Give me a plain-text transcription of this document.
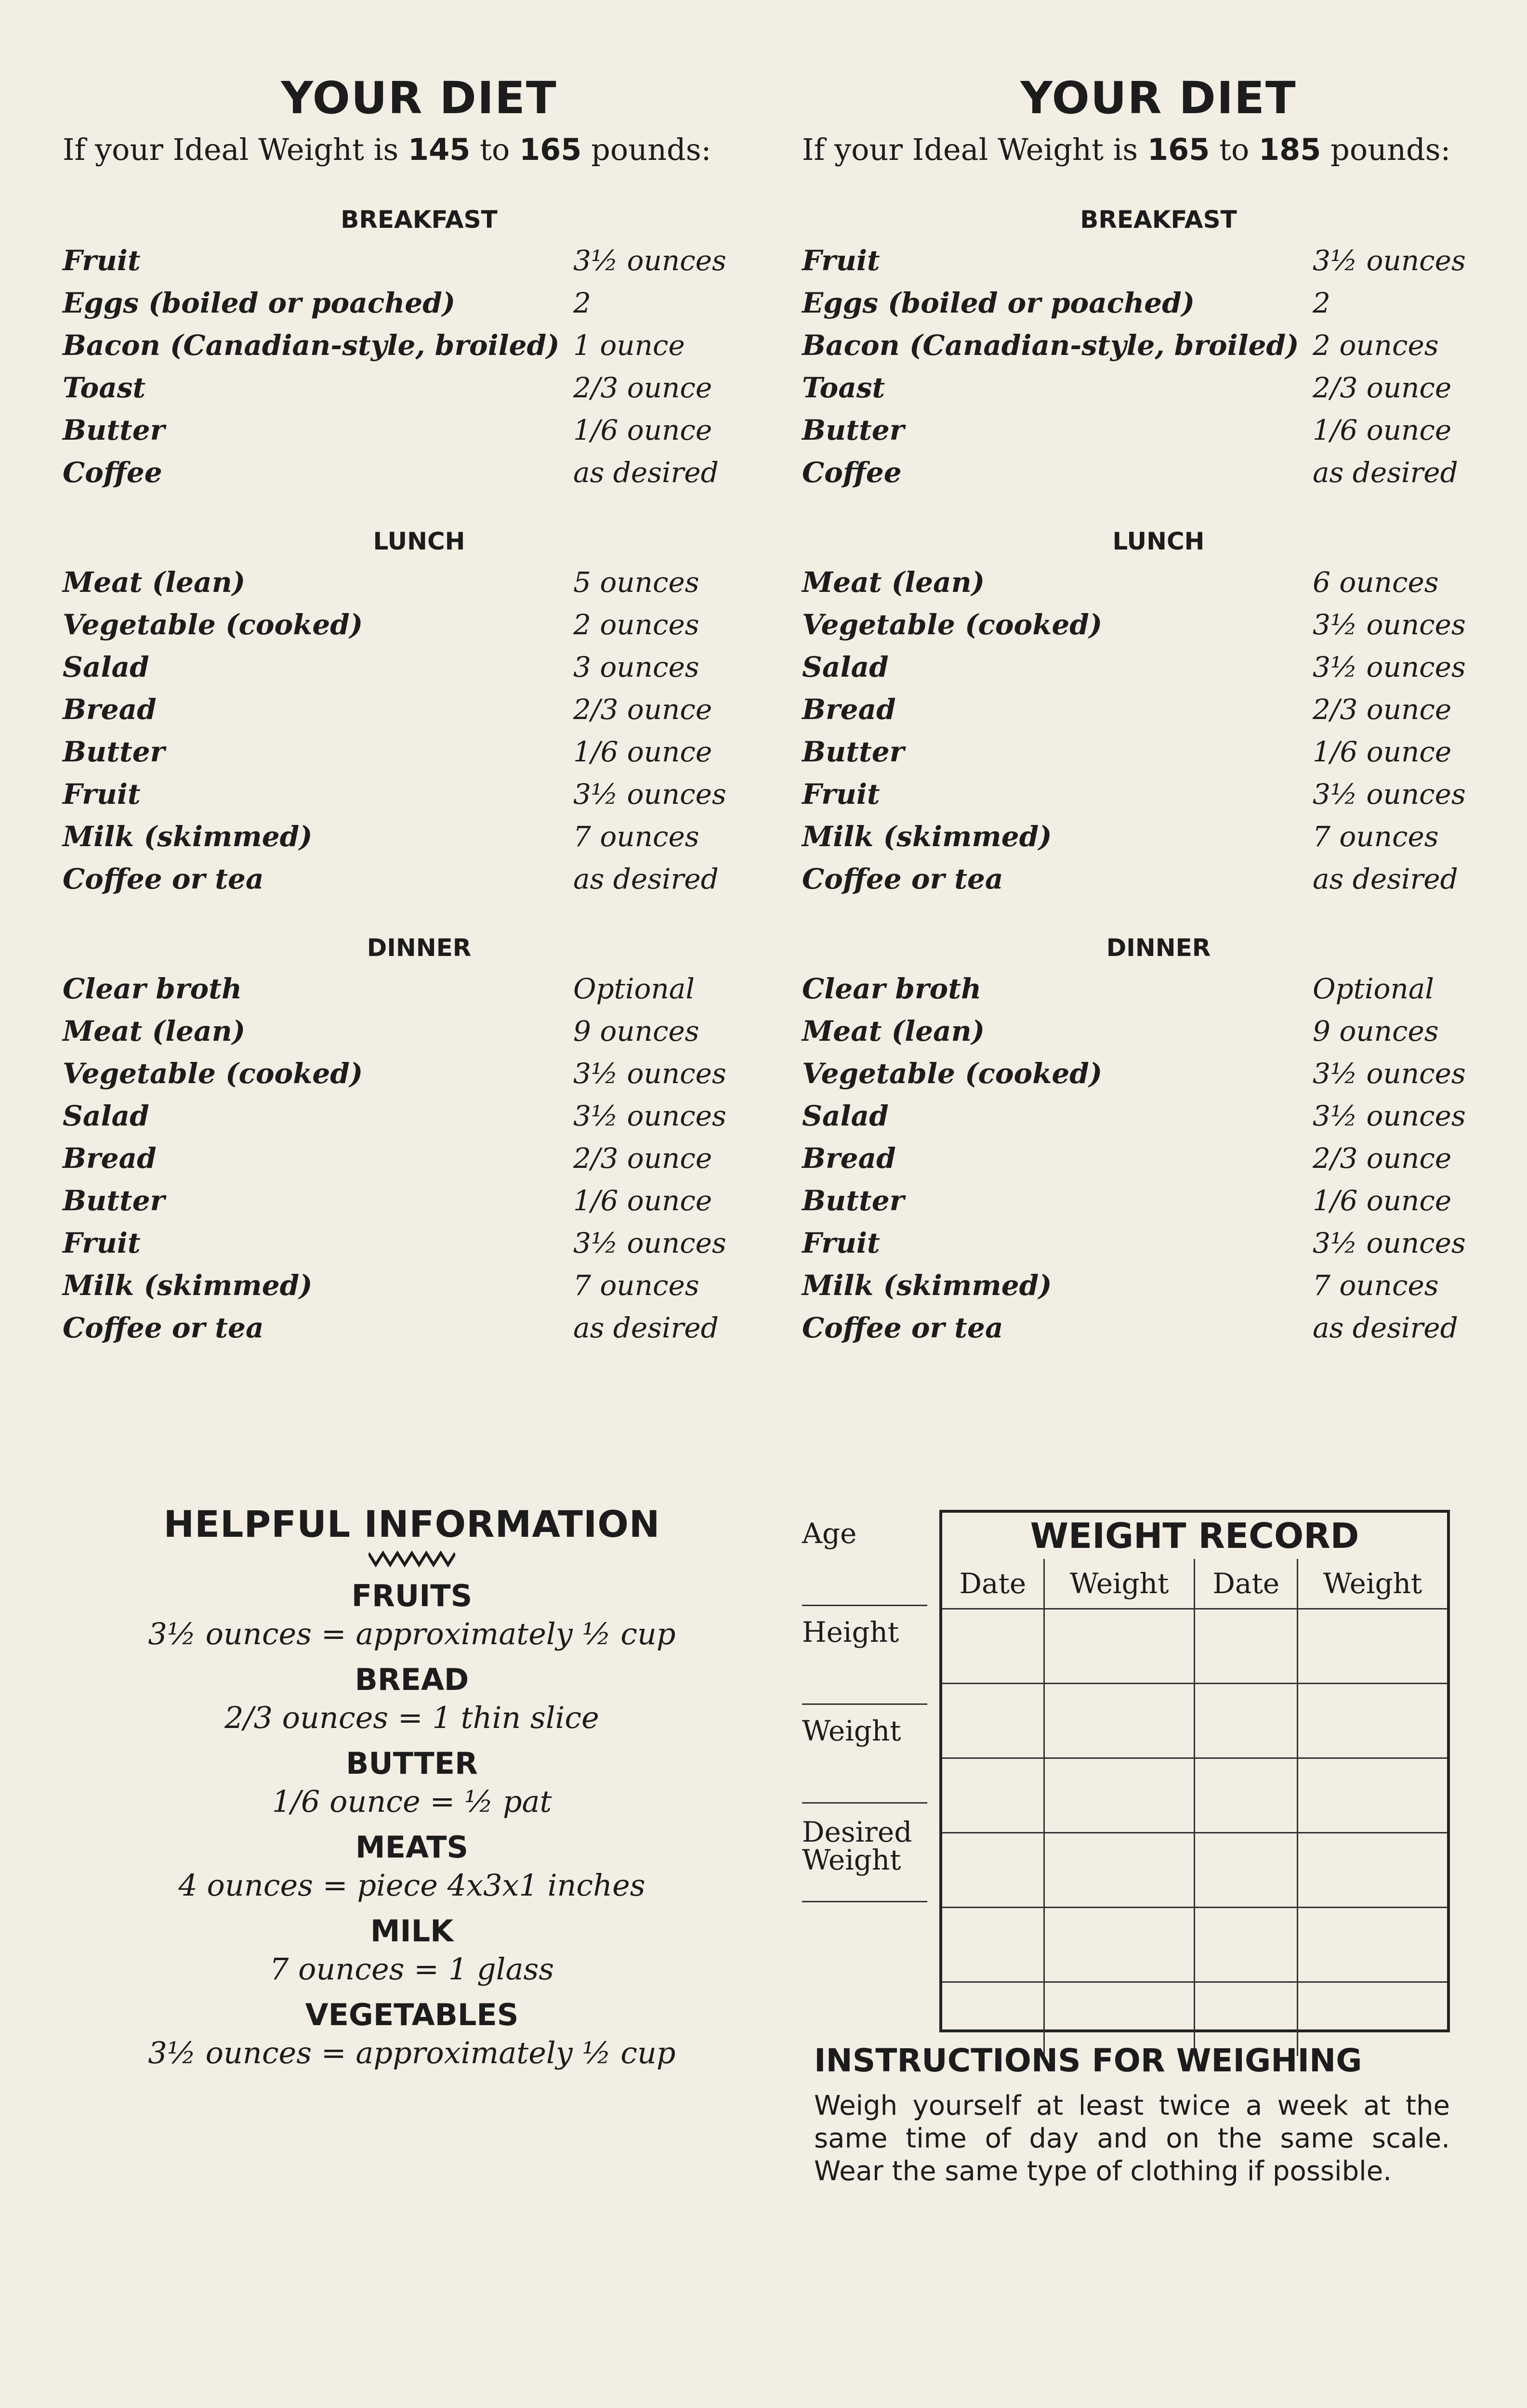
YOUR DIET

If your Ideal Weight is 145 to 165 pounds:

BREAKFAST
Fruit	3½ ounces
Eggs (boiled or poached)	2
Bacon (Canadian-style, broiled) 1 ounce
Toast	2/3 ounce
Butter	1/6 ounce
Coffee	as desired
LUNCH
Meat (lean)	5 ounces
Vegetable (cooked)	2 ounces
Salad	3 ounces
Bread	2/3 ounce
Butter	1/6 ounce
Fruit	3½ ounces
Milk (skimmed)	7 ounces
Coffee or tea	as desired
DINNER
Clear broth	Optional
Meat (lean)	9 ounces
Vegetable (cooked)	3½ ounces
Salad	3½ ounces
Bread	2/3 ounce
Butter	1/6 ounce
Fruit	3½ ounces
Milk (skimmed)	7 ounces
Coffee or tea	as desired
YOUR DIET

If your Ideal Weight is 165 to 185 pounds:

BREAKFAST
Fruit	3½ ounces
Eggs (boiled or poached)	2
Bacon (Canadian-style, broiled) 2 ounces
Toast	2/3 ounce
Butter	1/6 ounce
Coffee	as desired
LUNCH
Meat (lean)	6 ounces
Vegetable (cooked)	3½ ounces
Salad	3½ ounces
Bread	2/3 ounce
Butter	1/6 ounce
Fruit	3½ ounces
Milk (skimmed)	7 ounces
Coffee or tea	as desired
DINNER
Clear broth	Optional
Meat (lean)	9 ounces
Vegetable (cooked)	3½ ounces
Salad	3½ ounces
Bread	2/3 ounce
Butter	1/6 ounce
Fruit	3½ ounces
Milk (skimmed)	7 ounces
Coffee or tea	as desired
HELPFUL INFORMATION
FRUITS

3½ ounces = approximately ½ cup

BREAD

2/3 ounces = 1 thin slice

BUTTER

1/6 ounce = ½ pat

MEATS

4 ounces = piece 4x3x1 inches

MILK

7 ounces = 1 glass

VEGETABLES

3½ ounces = approximately ½ cup

Age
Height
Weight
Desired
Weight
WEIGHT RECORD
Date	Weight	Date	Weight

INSTRUCTIONS FOR WEIGHING

Weigh yourself at least twice a week at the same time of day and on the same scale. Wear the same type of clothing if possible.
